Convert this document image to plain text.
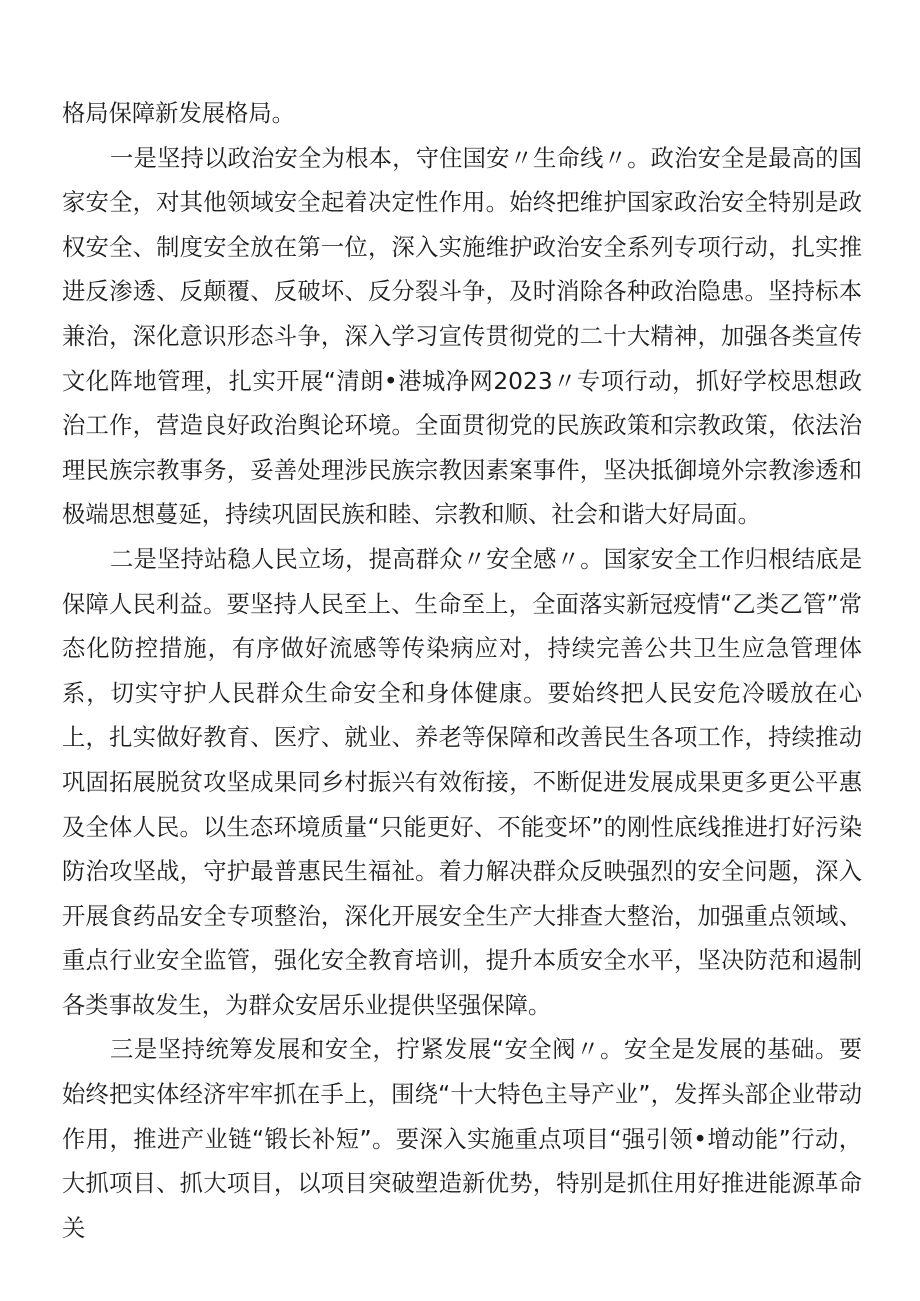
格局保障新发展格局。

一是坚持以政治安全为根本，守住国安〃生命线〃。政治安全是最高的国家安全，对其他领域安全起着决定性作用。始终把维护国家政治安全特别是政权安全、制度安全放在第一位，深入实施维护政治安全系列专项行动，扎实推进反渗透、反颠覆、反破坏、反分裂斗争，及时消除各种政治隐患。坚持标本兼治，深化意识形态斗争，深入学习宣传贯彻党的二十大精神，加强各类宣传文化阵地管理，扎实开展“清朗•港城净网2023〃专项行动，抓好学校思想政治工作，营造良好政治舆论环境。全面贯彻党的民族政策和宗教政策，依法治理民族宗教事务，妥善处理涉民族宗教因素案事件，坚决抵御境外宗教渗透和极端思想蔓延，持续巩固民族和睦、宗教和顺、社会和谐大好局面。

二是坚持站稳人民立场，提高群众〃安全感〃。国家安全工作归根结底是保障人民利益。要坚持人民至上、生命至上，全面落实新冠疫情“乙类乙管”常态化防控措施，有序做好流感等传染病应对，持续完善公共卫生应急管理体系，切实守护人民群众生命安全和身体健康。要始终把人民安危冷暖放在心上，扎实做好教育、医疗、就业、养老等保障和改善民生各项工作，持续推动巩固拓展脱贫攻坚成果同乡村振兴有效衔接，不断促进发展成果更多更公平惠及全体人民。以生态环境质量“只能更好、不能变坏”的刚性底线推进打好污染防治攻坚战，守护最普惠民生福祉。着力解决群众反映强烈的安全问题，深入开展食药品安全专项整治，深化开展安全生产大排查大整治，加强重点领域、重点行业安全监管，强化安全教育培训，提升本质安全水平，坚决防范和遏制各类事故发生，为群众安居乐业提供坚强保障。

三是坚持统筹发展和安全，拧紧发展“安全阀〃。安全是发展的基础。要始终把实体经济牢牢抓在手上，围绕“十大特色主导产业”，发挥头部企业带动作用，推进产业链“锻长补短”。要深入实施重点项目“强引领•增动能”行动，大抓项目、抓大项目，以项目突破塑造新优势，特别是抓住用好推进能源革命关
